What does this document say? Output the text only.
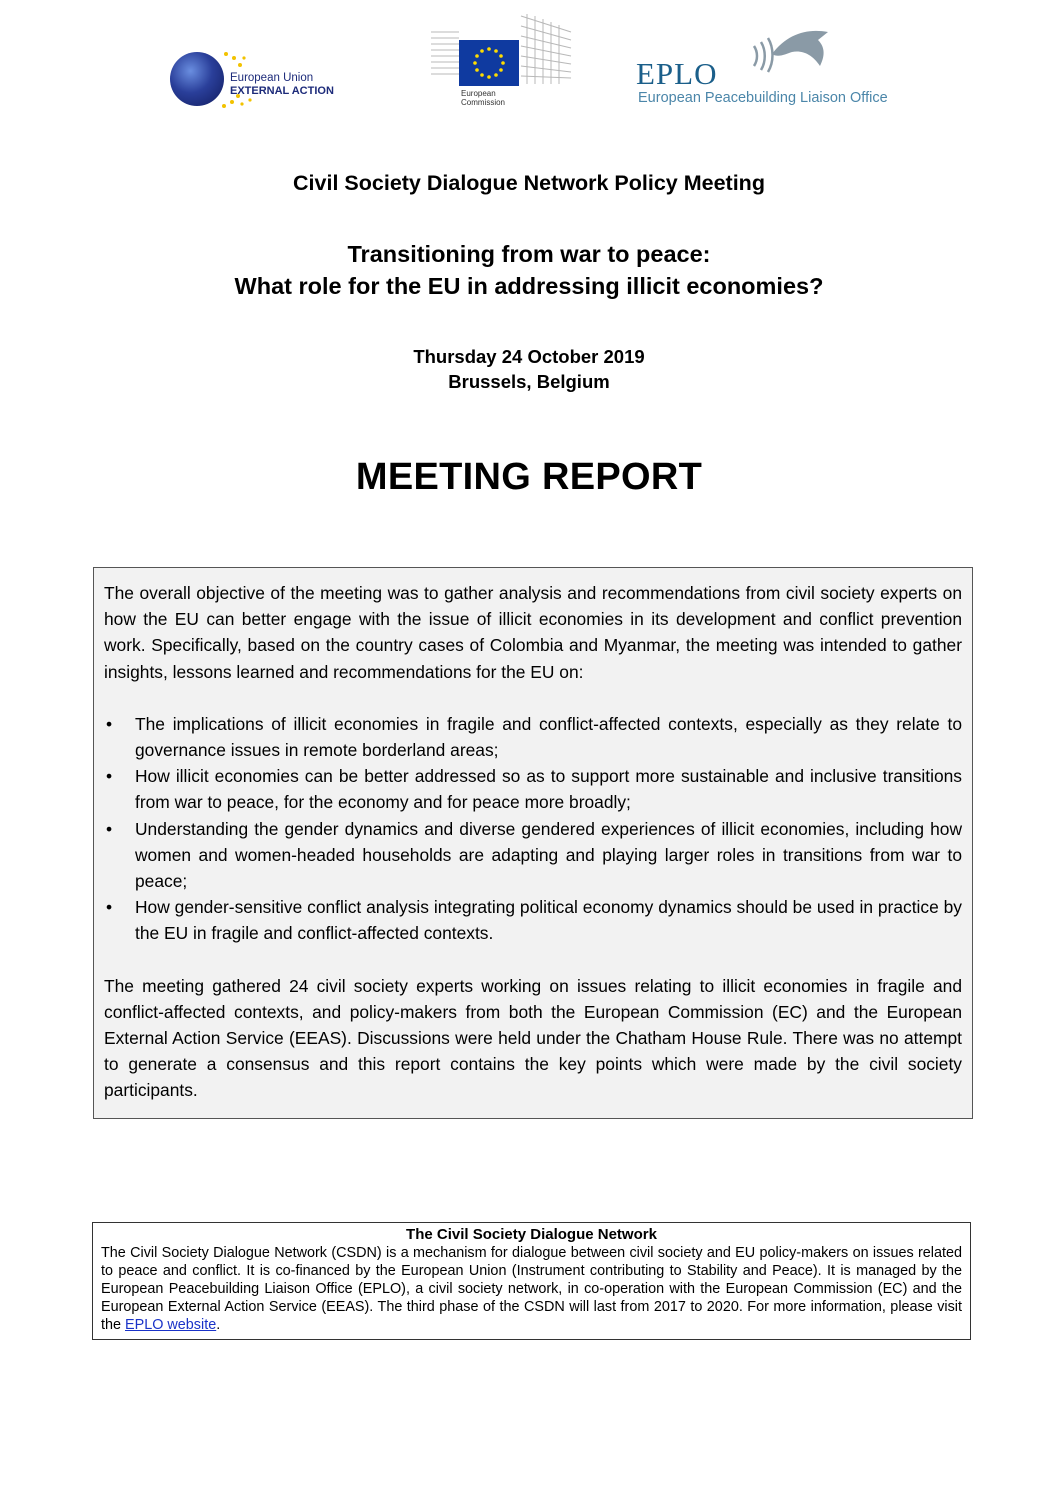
European Union
EXTERNAL ACTION	European
Commission
EPLO
European Peacebuilding Liaison Office
Civil Society Dialogue Network Policy Meeting
Transitioning from war to peace:
What role for the EU in addressing illicit economies?
Thursday 24 October 2019
Brussels, Belgium
MEETING REPORT

The overall objective of the meeting was to gather analysis and recommendations from civil society experts on how the EU can better engage with the issue of illicit economies in its development and conflict prevention work. Specifically, based on the country cases of Colombia and Myanmar, the meeting was intended to gather insights, lessons learned and recommendations for the EU on:

• The implications of illicit economies in fragile and conflict-affected contexts, especially as they relate to governance issues in remote borderland areas;
• How illicit economies can be better addressed so as to support more sustainable and inclusive transitions from war to peace, for the economy and for peace more broadly;
• Understanding the gender dynamics and diverse gendered experiences of illicit economies, including how women and women-headed households are adapting and playing larger roles in transitions from war to peace;
• How gender-sensitive conflict analysis integrating political economy dynamics should be used in practice by the EU in fragile and conflict-affected contexts.

The meeting gathered 24 civil society experts working on issues relating to illicit economies in fragile and conflict-affected contexts, and policy-makers from both the European Commission (EC) and the European External Action Service (EEAS). Discussions were held under the Chatham House Rule. There was no attempt to generate a consensus and this report contains the key points which were made by the civil society participants.

The Civil Society Dialogue Network
The Civil Society Dialogue Network (CSDN) is a mechanism for dialogue between civil society and EU policy-makers on issues related to peace and conflict. It is co-financed by the European Union (Instrument contributing to Stability and Peace). It is managed by the European Peacebuilding Liaison Office (EPLO), a civil society network, in co-operation with the European Commission (EC) and the European External Action Service (EEAS). The third phase of the CSDN will last from 2017 to 2020. For more information, please visit the EPLO website.
